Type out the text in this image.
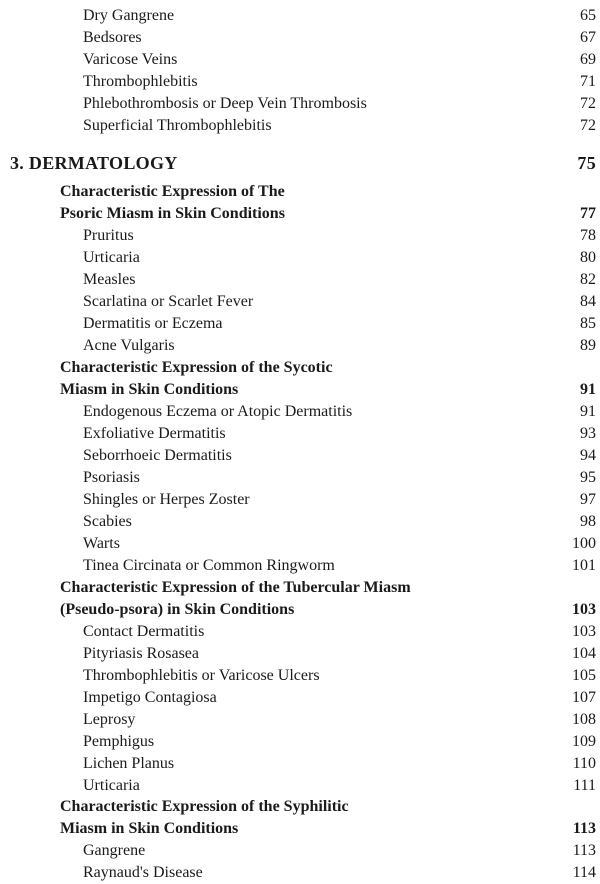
Dry Gangrene	65
Bedsores	67
Varicose Veins	69
Thrombophlebitis	71
Phlebothrombosis or Deep Vein Thrombosis	72
Superficial Thrombophlebitis	72
3. DERMATOLOGY	75
Characteristic Expression of The
Psoric Miasm in Skin Conditions	77
Pruritus	78
Urticaria	80
Measles	82
Scarlatina or Scarlet Fever	84
Dermatitis or Eczema	85
Acne Vulgaris	89
Characteristic Expression of the Sycotic
Miasm in Skin Conditions	91
Endogenous Eczema or Atopic Dermatitis	91
Exfoliative Dermatitis	93
Seborrhoeic Dermatitis	94
Psoriasis	95
Shingles or Herpes Zoster	97
Scabies	98
Warts	100
Tinea Circinata or Common Ringworm	101
Characteristic Expression of the Tubercular Miasm
(Pseudo-psora) in Skin Conditions	103
Contact Dermatitis	103
Pityriasis Rosasea	104
Thrombophlebitis or Varicose Ulcers	105
Impetigo Contagiosa	107
Leprosy	108
Pemphigus	109
Lichen Planus	110
Urticaria	111
Characteristic Expression of the Syphilitic
Miasm in Skin Conditions	113
Gangrene	113
Raynaud's Disease	114
